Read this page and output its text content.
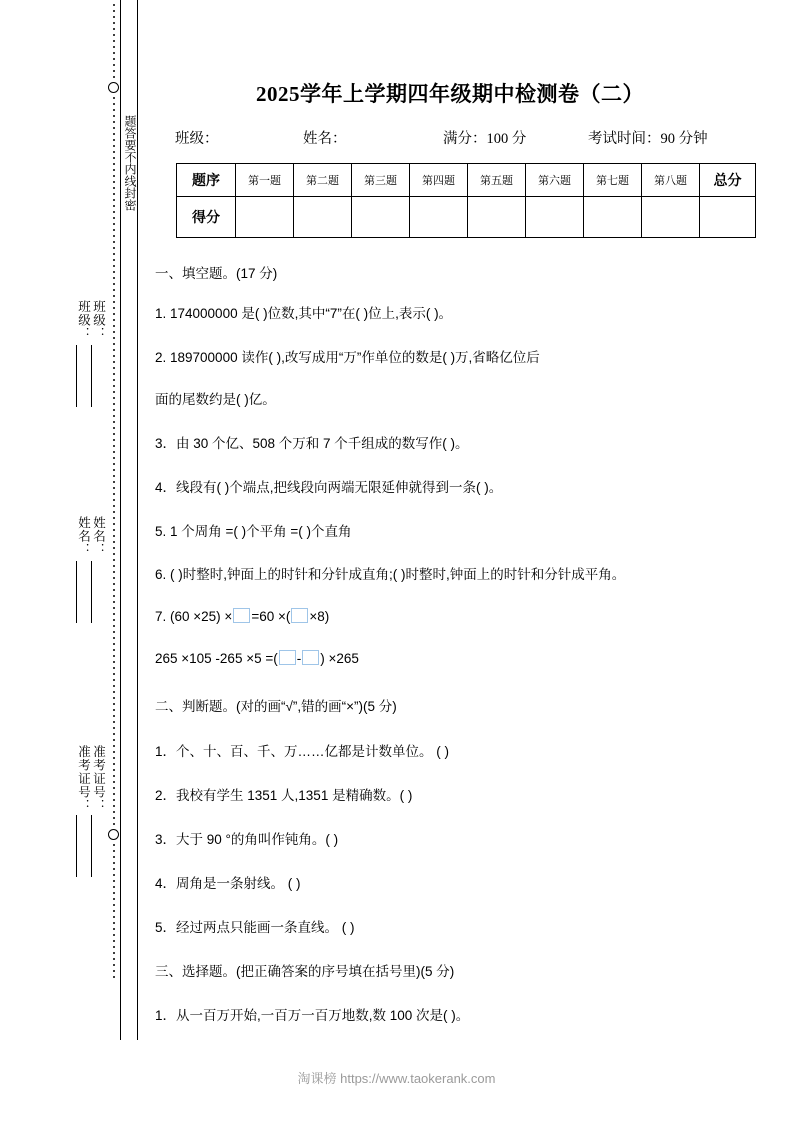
题答要不内线封密
班级： 班级：
姓名： 姓名：
准考证号： 准考证号：
2025学年上学期四年级期中检测卷（二）
班级：	姓名：	满分：100 分	考试时间：90 分钟
题序	第一题	第二题	第三题	第四题	第五题	第六题	第七题	第八题	总分
得分									
一、填空题。(17 分)
1. 174000000 是( )位数,其中“7”在( )位上,表示( )。
2. 189700000 读作( ),改写成用“万”作单位的数是( )万,省略亿位后
面的尾数约是( )亿。
3．由 30 个亿、508 个万和 7 个千组成的数写作( )。
4．线段有( )个端点,把线段向两端无限延伸就得到一条( )。
5. 1 个周角 =( )个平角 =( )个直角
6. ( )时整时,钟面上的时针和分针成直角;( )时整时,钟面上的时针和分针成平角。
7. (60 ×25) × =60 ×( ×8)
265 ×105 -265 ×5 =( - ) ×265
二、判断题。(对的画“√”,错的画“×”)(5 分)
1．个、十、百、千、万……亿都是计数单位。 ( )
2．我校有学生 1351 人,1351 是精确数。( )
3．大于 90 °的角叫作钝角。( )
4．周角是一条射线。 ( )
5．经过两点只能画一条直线。 ( )
三、选择题。(把正确答案的序号填在括号里)(5 分)
1．从一百万开始,一百万一百万地数,数 100 次是( )。
淘课榜 https://www.taokerank.com
